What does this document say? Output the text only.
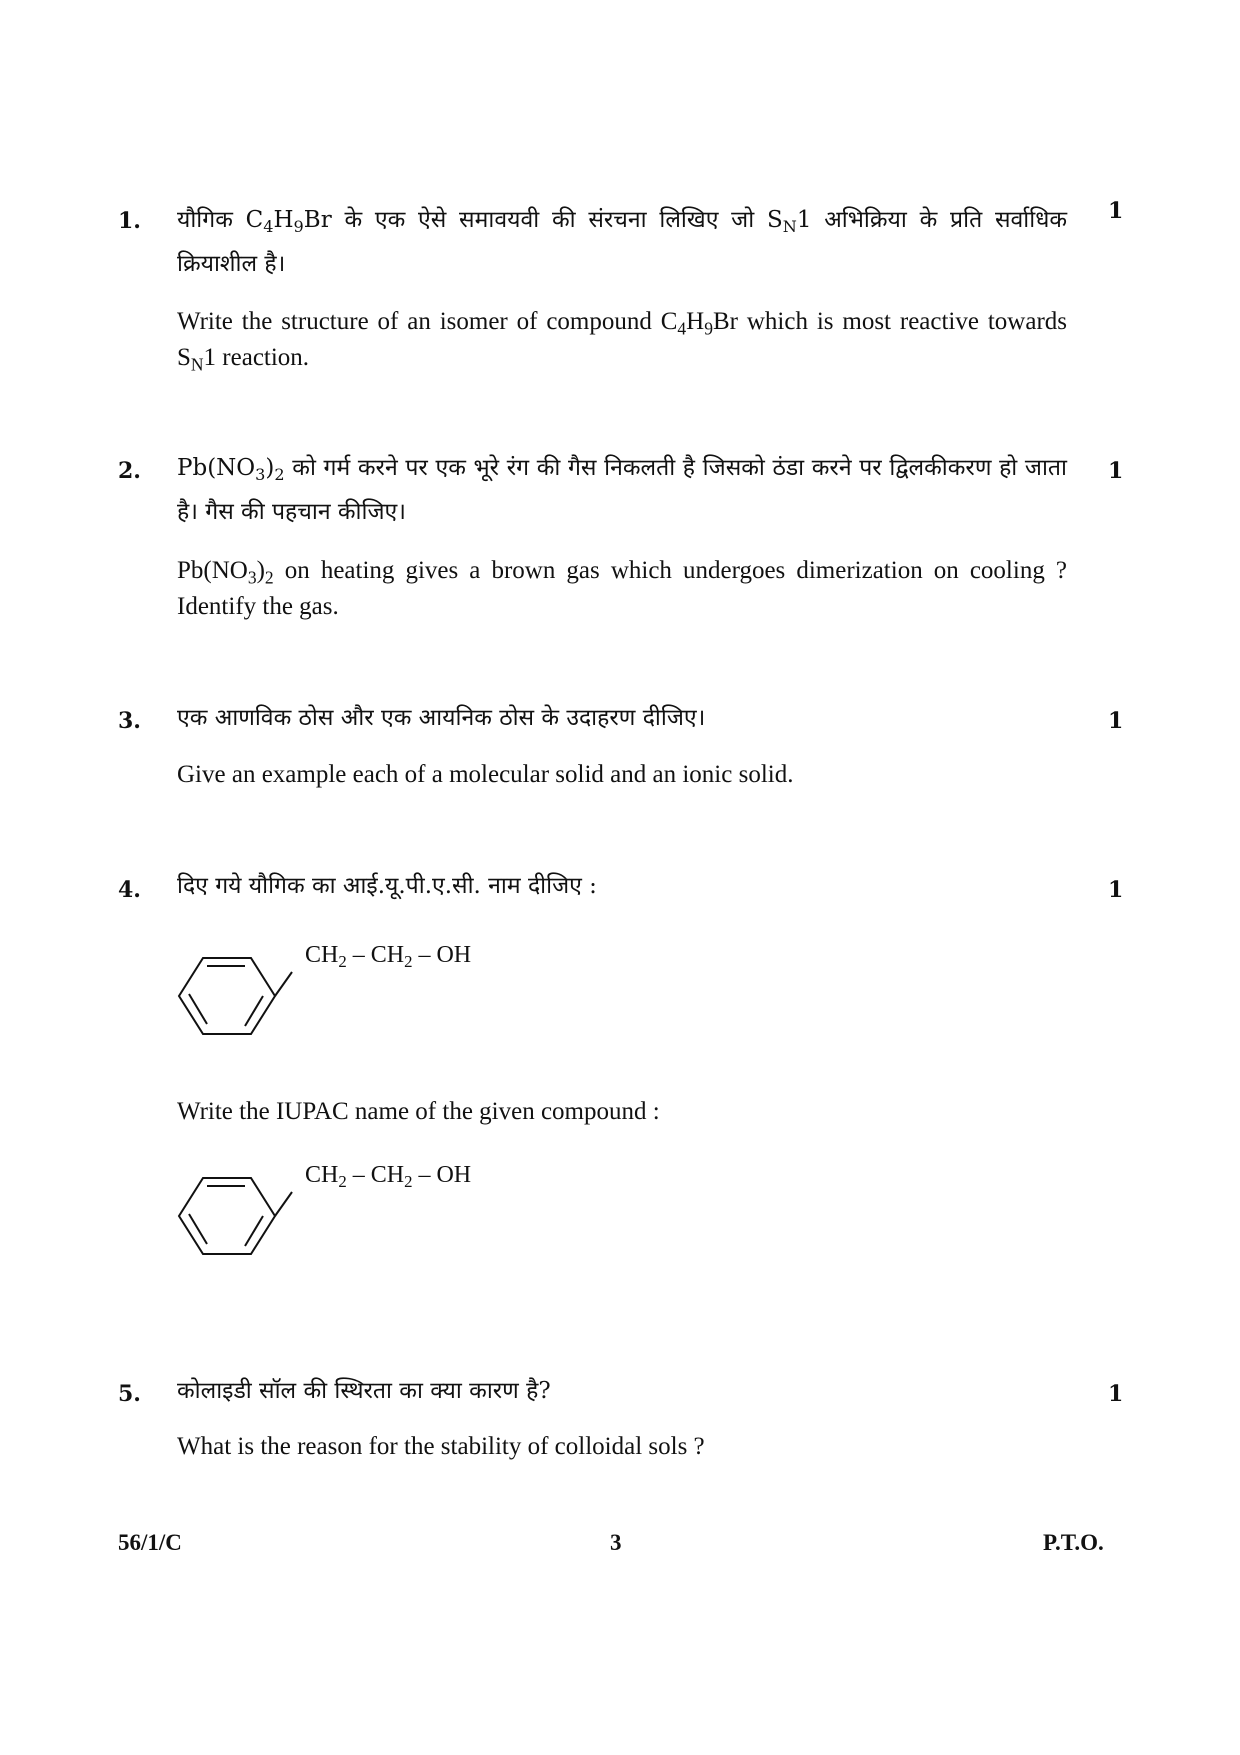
1.	1
यौगिक $C_4H_9Br$ के एक ऐसे समावयवी की संरचना लिखिए जो $S_N1$ अभिक्रिया के प्रति सर्वाधिक क्रियाशील है।
Write the structure of an isomer of compound $C_4H_9Br$ which is most reactive towards $S_N1$ reaction.
2.	1
$Pb(NO_3)_2$ को गर्म करने पर एक भूरे रंग की गैस निकलती है जिसको ठंडा करने पर द्विलकीकरण हो जाता है। गैस की पहचान कीजिए।
$Pb(NO_3)_2$ on heating gives a brown gas which undergoes dimerization on cooling ? Identify the gas.
3.	1
एक आणविक ठोस और एक आयनिक ठोस के उदाहरण दीजिए।
Give an example each of a molecular solid and an ionic solid.
4.	1
दिए गये यौगिक का आई.यू.पी.ए.सी. नाम दीजिए :
$CH_2 - CH_2$ – OH
Write the IUPAC name of the given compound :
$CH_2 - CH_2$ – OH
5.	1
कोलाइडी सॉल की स्थिरता का क्या कारण है?
What is the reason for the stability of colloidal sols ?
56/1/C	3	P.T.O.
